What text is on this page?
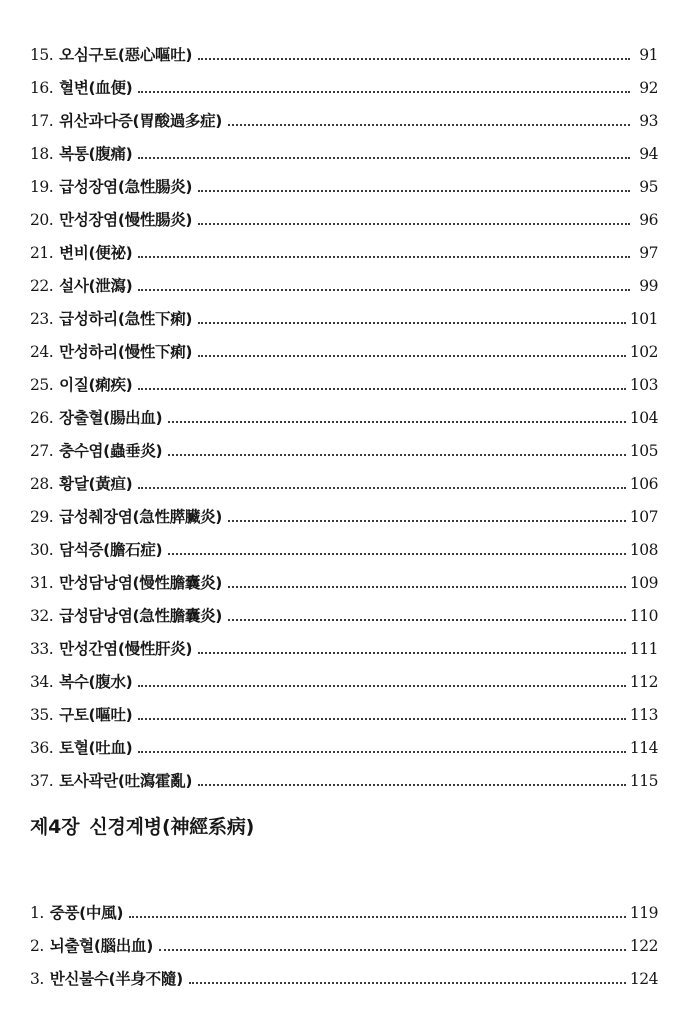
15. 오심구토(惡心嘔吐)	91
16. 혈변(血便)	92
17. 위산과다증(胃酸過多症)	93
18. 복통(腹痛)	94
19. 급성장염(急性腸炎)	95
20. 만성장염(慢性腸炎)	96
21. 변비(便祕)	97
22. 설사(泄瀉)	99
23. 급성하리(急性下痢)	101
24. 만성하리(慢性下痢)	102
25. 이질(痢疾)	103
26. 장출혈(腸出血)	104
27. 충수염(蟲垂炎)	105
28. 황달(黃疸)	106
29. 급성췌장염(急性膵臟炎)	107
30. 담석증(膽石症)	108
31. 만성담낭염(慢性膽囊炎)	109
32. 급성담낭염(急性膽囊炎)	110
33. 만성간염(慢性肝炎)	111
34. 복수(腹水)	112
35. 구토(嘔吐)	113
36. 토혈(吐血)	114
37. 토사곽란(吐瀉霍亂)	115
제4장 신경계병(神經系病)
1. 중풍(中風)	119
2. 뇌출혈(腦出血)	122
3. 반신불수(半身不隨)	124
